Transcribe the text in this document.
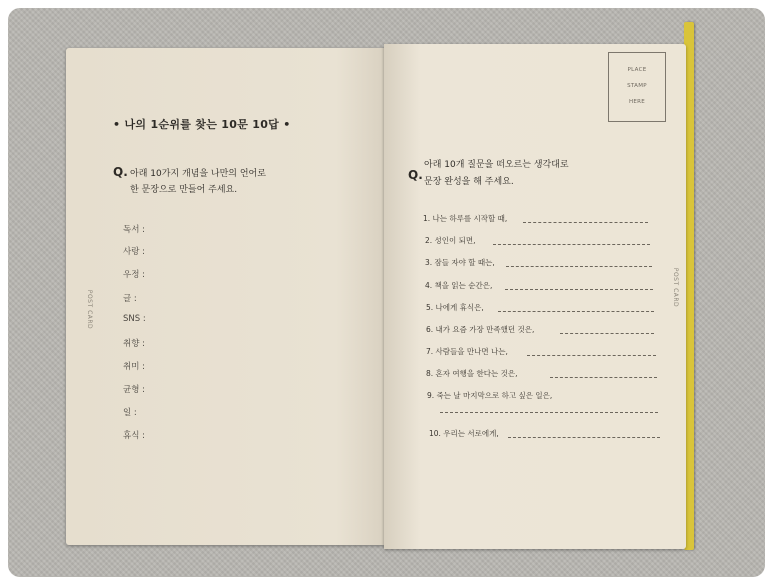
• 나의 1순위를 찾는 10문 10답 •
Q. 아래 10가지 개념을 나만의 언어로
한 문장으로 만들어 주세요.
POST CARD
독서 :
사랑 :
우정 :
글 :
SNS :
취향 :
취미 :
균형 :
일 :
휴식 :
PLACE
STAMP
HERE
Q.
아래 10개 질문을 떠오르는 생각대로
문장 완성을 해 주세요.
POST CARD
1. 나는 하루를 시작할 때,
2. 성인이 되면,
3. 잠들 자야 할 때는,
4. 책을 읽는 순간은,
5. 나에게 휴식은,
6. 내가 요즘 가장 만족했던 것은,
7. 사람들을 만나면 나는,
8. 혼자 여행을 한다는 것은,
9. 죽는 날 마지막으로 하고 싶은 일은,
10. 우리는 서로에게,
